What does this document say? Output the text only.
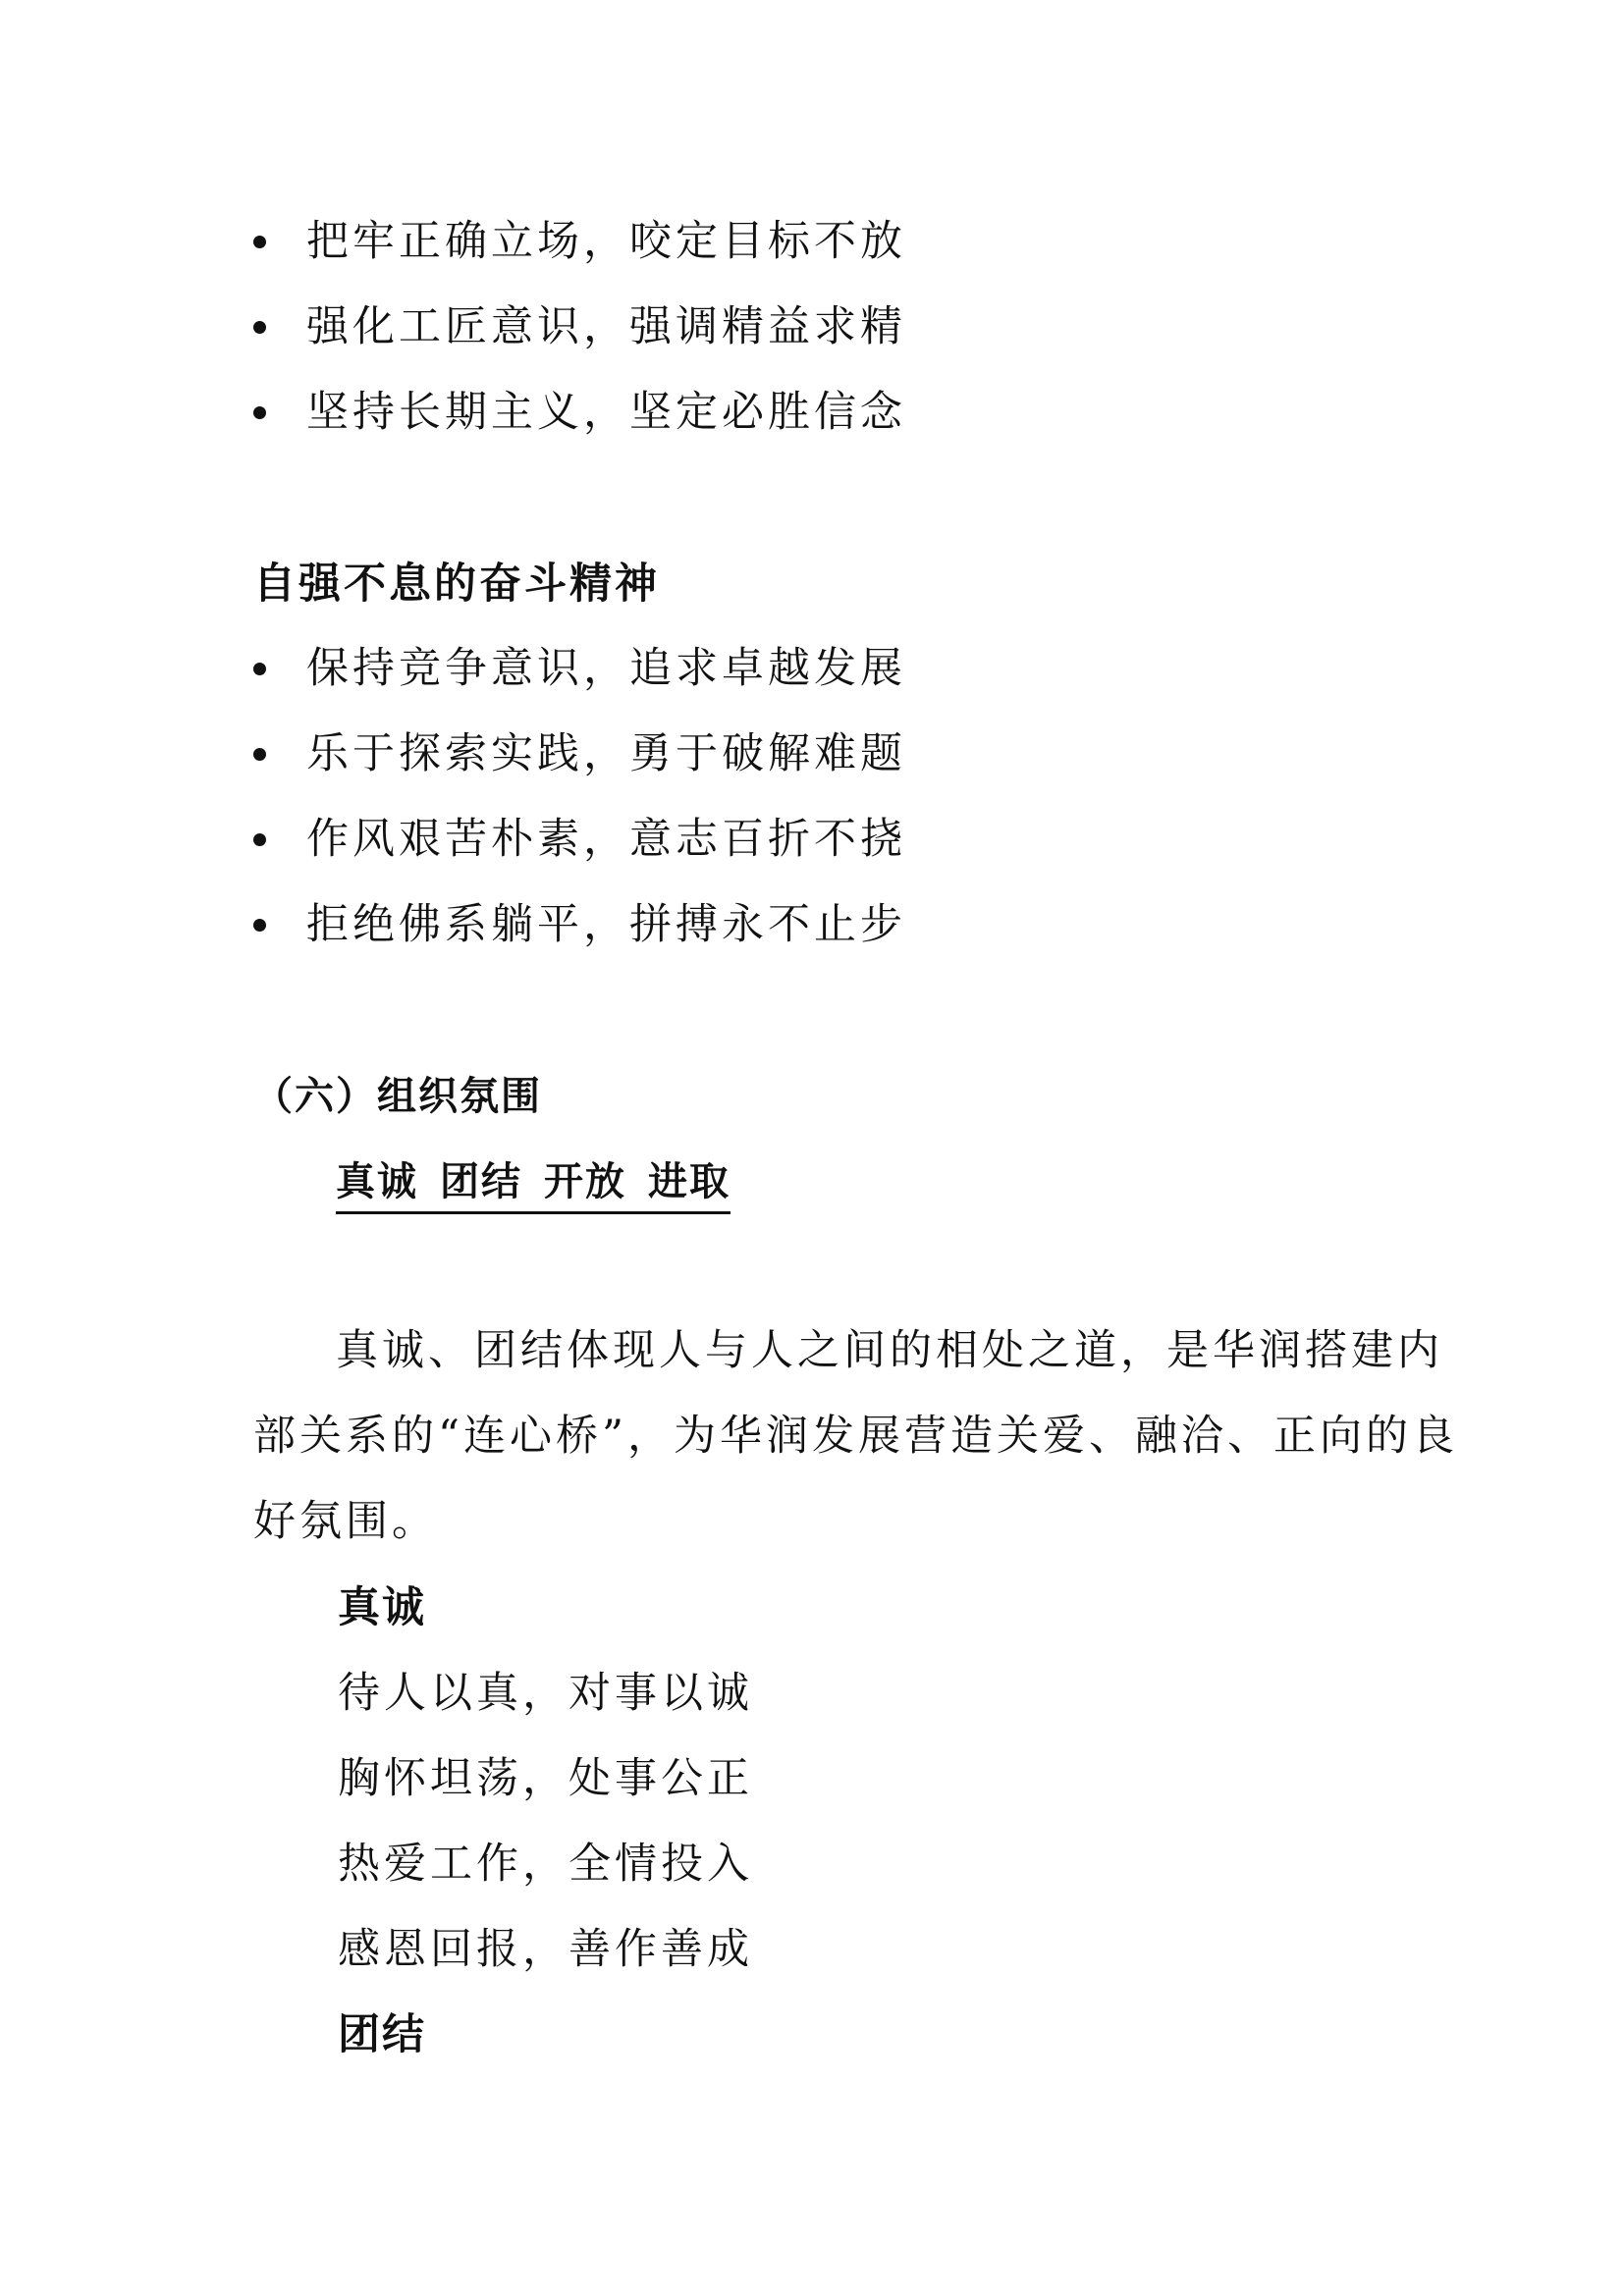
把牢正确立场，咬定目标不放
强化工匠意识，强调精益求精
坚持长期主义，坚定必胜信念
自强不息的奋斗精神
保持竞争意识，追求卓越发展
乐于探索实践，勇于破解难题
作风艰苦朴素，意志百折不挠
拒绝佛系躺平，拼搏永不止步
（六）组织氛围
真诚 团结 开放 进取
真诚、团结体现人与人之间的相处之道，是华润搭建内
部关系的“连心桥”，为华润发展营造关爱、融洽、正向的良
好氛围。
真诚
待人以真，对事以诚
胸怀坦荡，处事公正
热爱工作，全情投入
感恩回报，善作善成
团结
